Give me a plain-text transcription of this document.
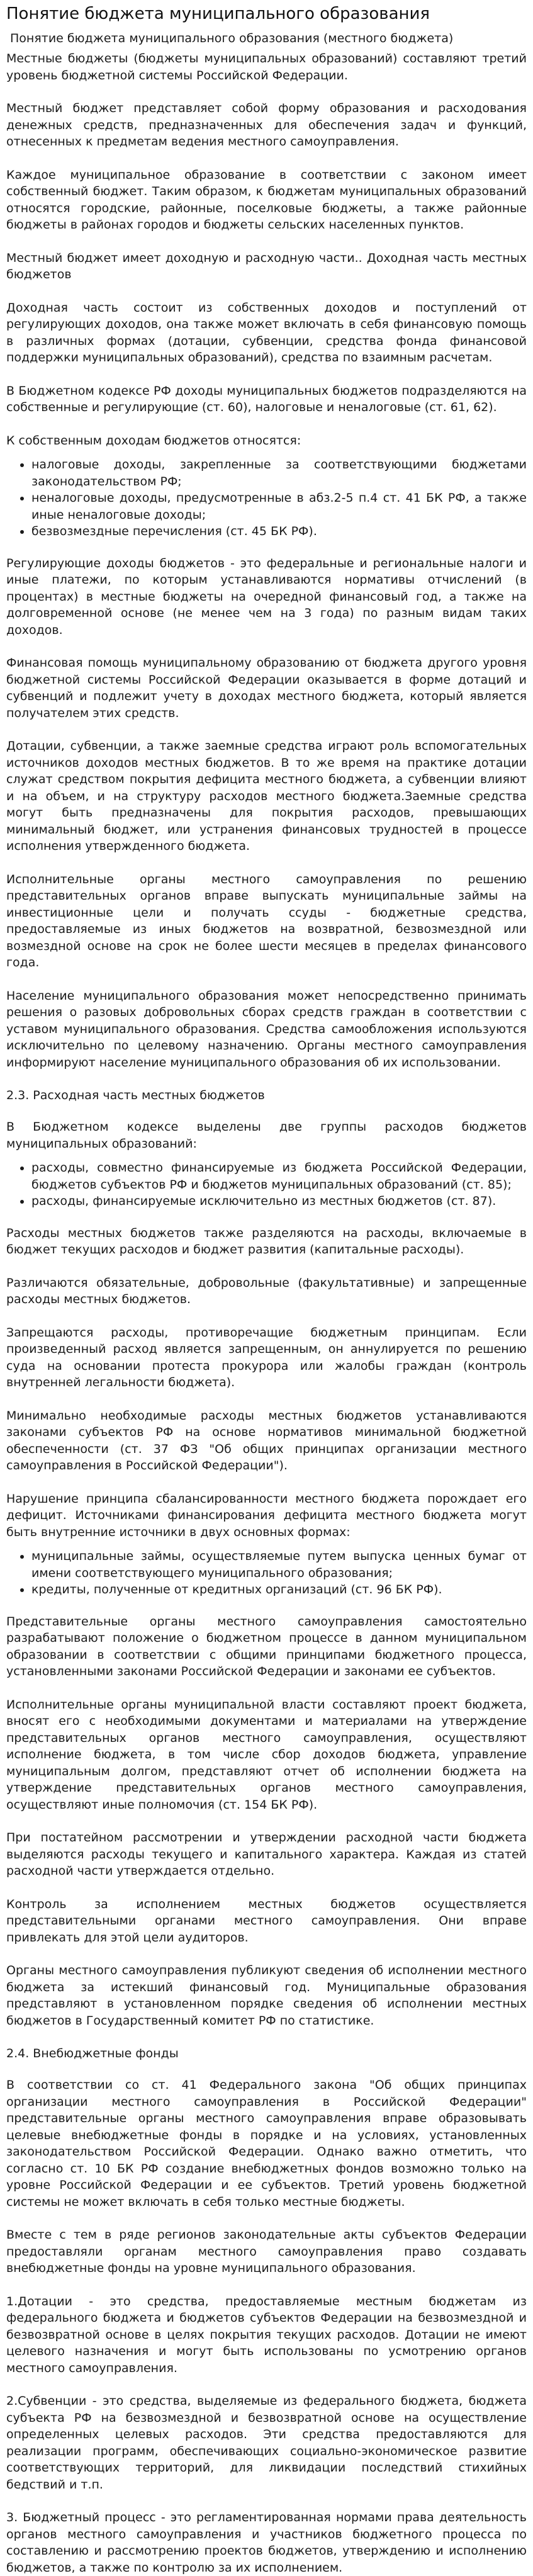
Понятие бюджета муниципального образования
Понятие бюджета муниципального образования (местного бюджета)

Местные бюджеты (бюджеты муниципальных образований) составляют третий уровень бюджетной системы Российской Федерации.

Местный бюджет представляет собой форму образования и расходования денежных средств, предназначенных для обеспечения задач и функций, отнесенных к предметам ведения местного самоуправления.

Каждое муниципальное образование в соответствии с законом имеет собственный бюджет. Таким образом, к бюджетам муниципальных образований относятся городские, районные, поселковые бюджеты, а также районные бюджеты в районах городов и бюджеты сельских населенных пунктов.

Местный бюджет имеет доходную и расходную части.. Доходная часть местных бюджетов

Доходная часть состоит из собственных доходов и поступлений от регулирующих доходов, она также может включать в себя финансовую помощь в различных формах (дотации, субвенции, средства фонда финансовой поддержки муниципальных образований), средства по взаимным расчетам.

В Бюджетном кодексе РФ доходы муниципальных бюджетов подразделяются на собственные и регулирующие (ст. 60), налоговые и неналоговые (ст. 61, 62).

К собственным доходам бюджетов относятся:

• налоговые доходы, закрепленные за соответствующими бюджетами законодательством РФ;
• неналоговые доходы, предусмотренные в абз.2-5 п.4 ст. 41 БК РФ, а также иные неналоговые доходы;
• безвозмездные перечисления (ст. 45 БК РФ).

Регулирующие доходы бюджетов - это федеральные и региональные налоги и иные платежи, по которым устанавливаются нормативы отчислений (в процентах) в местные бюджеты на очередной финансовый год, а также на долговременной основе (не менее чем на 3 года) по разным видам таких доходов.

Финансовая помощь муниципальному образованию от бюджета другого уровня бюджетной системы Российской Федерации оказывается в форме дотаций и субвенций и подлежит учету в доходах местного бюджета, который является получателем этих средств.

Дотации, субвенции, а также заемные средства играют роль вспомогательных источников доходов местных бюджетов. В то же время на практике дотации служат средством покрытия дефицита местного бюджета, а субвенции влияют и на объем, и на структуру расходов местного бюджета.Заемные средства могут быть предназначены для покрытия расходов, превышающих минимальный бюджет, или устранения финансовых трудностей в процессе исполнения утвержденного бюджета.

Исполнительные органы местного самоуправления по решению представительных органов вправе выпускать муниципальные займы на инвестиционные цели и получать ссуды - бюджетные средства, предоставляемые из иных бюджетов на возвратной, безвозмездной или возмездной основе на срок не более шести месяцев в пределах финансового года.

Население муниципального образования может непосредственно принимать решения о разовых добровольных сборах средств граждан в соответствии с уставом муниципального образования. Средства самообложения используются исключительно по целевому назначению. Органы местного самоуправления информируют население муниципального образования об их использовании.

2.3. Расходная часть местных бюджетов

В Бюджетном кодексе выделены две группы расходов бюджетов муниципальных образований:

• расходы, совместно финансируемые из бюджета Российской Федерации, бюджетов субъектов РФ и бюджетов муниципальных образований (ст. 85);
• расходы, финансируемые исключительно из местных бюджетов (ст. 87).

Расходы местных бюджетов также разделяются на расходы, включаемые в бюджет текущих расходов и бюджет развития (капитальные расходы).

Различаются обязательные, добровольные (факультативные) и запрещенные расходы местных бюджетов.

Запрещаются расходы, противоречащие бюджетным принципам. Если произведенный расход является запрещенным, он аннулируется по решению суда на основании протеста прокурора или жалобы граждан (контроль внутренней легальности бюджета).

Минимально необходимые расходы местных бюджетов устанавливаются законами субъектов РФ на основе нормативов минимальной бюджетной обеспеченности (ст. 37 ФЗ "Об общих принципах организации местного самоуправления в Российской Федерации").

Нарушение принципа сбалансированности местного бюджета порождает его дефицит. Источниками финансирования дефицита местного бюджета могут быть внутренние источники в двух основных формах:

• муниципальные займы, осуществляемые путем выпуска ценных бумаг от имени соответствующего муниципального образования;
• кредиты, полученные от кредитных организаций (ст. 96 БК РФ).

Представительные органы местного самоуправления самостоятельно разрабатывают положение о бюджетном процессе в данном муниципальном образовании в соответствии с общими принципами бюджетного процесса, установленными законами Российской Федерации и законами ее субъектов.

Исполнительные органы муниципальной власти составляют проект бюджета, вносят его с необходимыми документами и материалами на утверждение представительных органов местного самоуправления, осуществляют исполнение бюджета, в том числе сбор доходов бюджета, управление муниципальным долгом, представляют отчет об исполнении бюджета на утверждение представительных органов местного самоуправления, осуществляют иные полномочия (ст. 154 БК РФ).

При постатейном рассмотрении и утверждении расходной части бюджета выделяются расходы текущего и капитального характера. Каждая из статей расходной части утверждается отдельно.

Контроль за исполнением местных бюджетов осуществляется представительными органами местного самоуправления. Они вправе привлекать для этой цели аудиторов.

Органы местного самоуправления публикуют сведения об исполнении местного бюджета за истекший финансовый год. Муниципальные образования представляют в установленном порядке сведения об исполнении местных бюджетов в Государственный комитет РФ по статистике.

2.4. Внебюджетные фонды

В соответствии со ст. 41 Федерального закона "Об общих принципах организации местного самоуправления в Российской Федерации" представительные органы местного самоуправления вправе образовывать целевые внебюджетные фонды в порядке и на условиях, установленных законодательством Российской Федерации. Однако важно отметить, что согласно ст. 10 БК РФ создание внебюджетных фондов возможно только на уровне Российской Федерации и ее субъектов. Третий уровень бюджетной системы не может включать в себя только местные бюджеты.

Вместе с тем в ряде регионов законодательные акты субъектов Федерации предоставляли органам местного самоуправления право создавать внебюджетные фонды на уровне муниципального образования.

1.Дотации - это средства, предоставляемые местным бюджетам из федерального бюджета и бюджетов субъектов Федерации на безвозмездной и безвозвратной основе в целях покрытия текущих расходов. Дотации не имеют целевого назначения и могут быть использованы по усмотрению органов местного самоуправления.

2.Субвенции - это средства, выделяемые из федерального бюджета, бюджета субъекта РФ на безвозмездной и безвозвратной основе на осуществление определенных целевых расходов. Эти средства предоставляются для реализации программ, обеспечивающих социально-экономическое развитие соответствующих территорий, для ликвидации последствий стихийных бедствий и т.п.

3. Бюджетный процесс - это регламентированная нормами права деятельность органов местного самоуправления и участников бюджетного процесса по составлению и рассмотрению проектов бюджетов, утверждению и исполнению бюджетов, а также по контролю за их исполнением.
